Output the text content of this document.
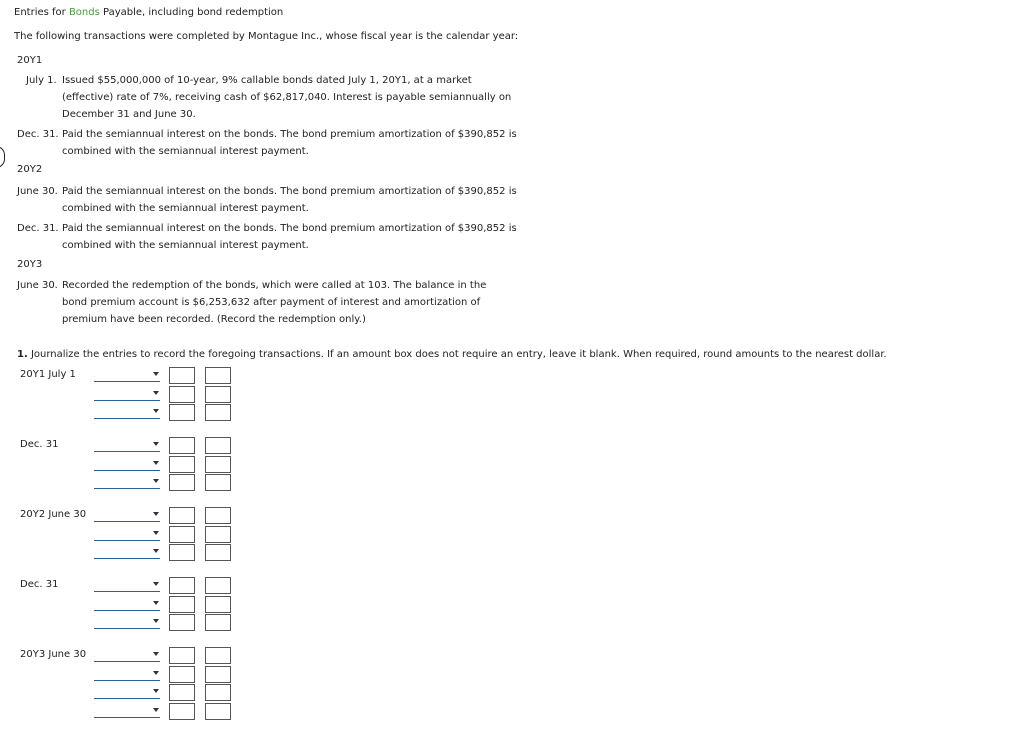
Entries for Bonds Payable, including bond redemption
The following transactions were completed by Montague Inc., whose fiscal year is the calendar year:
20Y1
July 1. Issued $55,000,000 of 10-year, 9% callable bonds dated July 1, 20Y1, at a market (effective) rate of 7%, receiving cash of $62,817,040. Interest is payable semiannually on December 31 and June 30.
Dec. 31. Paid the semiannual interest on the bonds. The bond premium amortization of $390,852 is combined with the semiannual interest payment.
20Y2
June 30. Paid the semiannual interest on the bonds. The bond premium amortization of $390,852 is combined with the semiannual interest payment.
Dec. 31. Paid the semiannual interest on the bonds. The bond premium amortization of $390,852 is combined with the semiannual interest payment.
20Y3
June 30. Recorded the redemption of the bonds, which were called at 103. The balance in the bond premium account is $6,253,632 after payment of interest and amortization of premium have been recorded. (Record the redemption only.)
1. Journalize the entries to record the foregoing transactions. If an amount box does not require an entry, leave it blank. When required, round amounts to the nearest dollar.
20Y1 July 1
Dec. 31
20Y2 June 30
Dec. 31
20Y3 June 30
